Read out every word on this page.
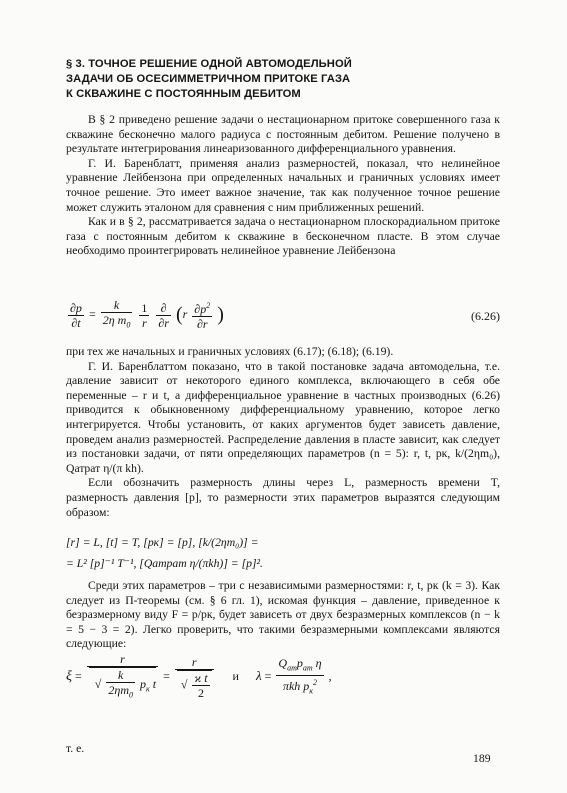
§ 3. ТОЧНОЕ РЕШЕНИЕ ОДНОЙ АВТОМОДЕЛЬНОЙ
ЗАДАЧИ ОБ ОСЕСИММЕТРИЧНОМ ПРИТОКЕ ГАЗА
К СКВАЖИНЕ С ПОСТОЯННЫМ ДЕБИТОМ

В § 2 приведено решение задачи о нестационарном притоке совершенного газа к скважине бесконечно малого радиуса с постоянным дебитом. Решение получено в результате интегрирования линеаризованного дифференциального уравнения.

Г. И. Баренблатт, применяя анализ размерностей, показал, что нелинейное уравнение Лейбензона при определенных начальных и граничных условиях имеет точное решение. Это имеет важное значение, так как полученное точное решение может служить эталоном для сравнения с ним приближенных решений.

Как и в § 2, рассматривается задача о нестационарном плоскорадиальном притоке газа с постоянным дебитом к скважине в бесконечном пласте. В этом случае необходимо проинтегрировать нелинейное уравнение Лейбензона

$\frac{\partial p}{\partial t} = \frac{k}{2\eta m_0}$
$\frac{1}{r}$
$\frac{\partial}{\partial r} (r \frac{\partial p^2}{\partial r}$ )	(6.26)

при тех же начальных и граничных условиях (6.17); (6.18); (6.19).

Г. И. Баренблаттом показано, что в такой постановке задача автомодельна, т.е. давление зависит от некоторого единого комплекса, включающего в себя обе переменные – r и t, а дифференциальное уравнение в частных производных (6.26) приводится к обыкновенному дифференциальному уравнению, которое легко интегрируется. Чтобы установить, от каких аргументов будет зависеть давление, проведем анализ размерностей. Распределение давления в пласте зависит, как следует из постановки задачи, от пяти определяющих параметров (n = 5): r, t, pк, k/(2ηm₀), Qатpат η/(π kh).

Если обозначить размерность длины через L, размерность времени T, размерность давления [p], то размерности этих параметров выразятся следующим образом:

[r] = L, [t] = T, [pк] = [p], [k/(2ηm₀)] =
= L² [p]⁻¹ T⁻¹, [Qатpат η/(πkh)] = [p]².

Среди этих параметров – три с независимыми размерностями: r, t, pк (k = 3). Как следует из П-теоремы (см. § 6 гл. 1), искомая функция – давление, приведенное к безразмерному виду F = p/pк, будет зависеть от двух безразмерных комплексов (n − k = 5 − 3 = 2). Легко проверить, что такими безразмерными комплексами являются следующие:

$\xi = \frac{r}{√ \frac{k}{2\eta m_0} p_к t} = \frac{r}{√ \frac{\text{ϰ t}}{2}}$ и $\lambda = \frac{Q_{ат}p_{ат} \eta}{\pi kh p_к^2}$ ,
т. е.
189
